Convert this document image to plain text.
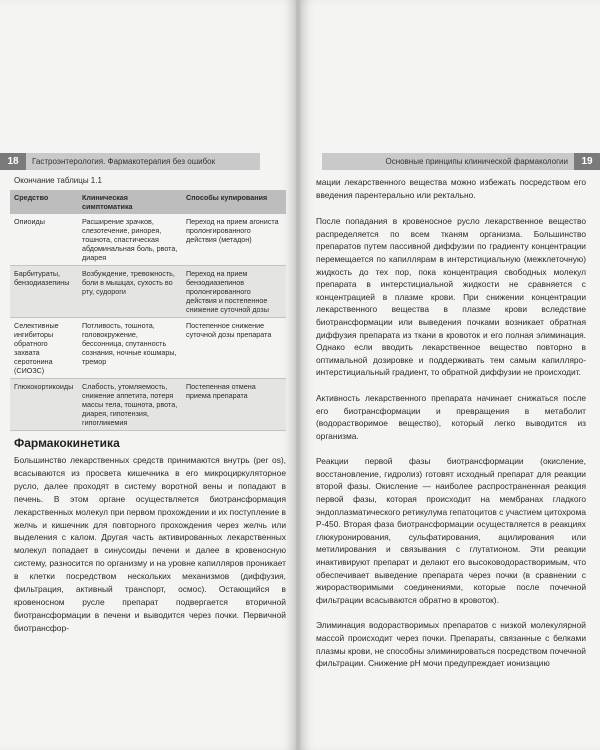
18 Гастроэнтерология. Фармакотерапия без ошибок
Окончание таблицы 1.1
Средство	Клиническая симптоматика	Способы купирования
Опиоиды	Расширение зрачков, слезотечение, ринорея, тошнота, спастическая абдоминальная боль, рвота, диарея	Переход на прием агониста пролонгированного действия (метадон)
Барбитураты, бензодиазепины	Возбуждение, тревожность, боли в мышцах, сухость во рту, судороги	Переход на прием бензодиазепинов пролонгированного действия и постепенное снижение суточной дозы
Селективные ингибиторы обратного захвата серотонина (СИОЗС)	Потливость, тошнота, головокружение, бессонница, спутанность сознания, ночные кошмары, тремор	Постепенное снижение суточной дозы препарата
Глюкокортикоиды	Слабость, утомляемость, снижение аппетита, потеря массы тела, тошнота, рвота, диарея, гипотензия, гипогликемия	Постепенная отмена приема препарата
Фармакокинетика
Большинство лекарственных средств принимаются внутрь (per os), всасываются из просвета кишечника в его микроциркуляторное русло, далее проходят в систему воротной вены и попадают в печень. В этом органе осуществляется биотрансформация лекарственных молекул при первом прохождении и их поступление в желчь и кишечник для повторного прохождения через желчь или выделения с калом. Другая часть активированных лекарственных молекул попадает в синусоиды печени и далее в кровеносную систему, разносится по организму и на уровне капилляров проникает в клетки посредством нескольких механизмов (диффузия, фильтрация, активный транспорт, осмос). Остающийся в кровеносном русле препарат подвергается вторичной биотрансформации в печени и выводится через почки. Первичной биотрансфор-
Основные принципы клинической фармакологии 19

мации лекарственного вещества можно избежать посредством его введения парентерально или ректально.

После попадания в кровеносное русло лекарственное вещество распределяется по всем тканям организма. Большинство препаратов путем пассивной диффузии по градиенту концентрации перемещается по капиллярам в интерстициальную (межклеточную) жидкость до тех пор, пока концентрация свободных молекул препарата в интерстициальной жидкости не сравняется с концентрацией в плазме крови. При снижении концентрации лекарственного вещества в плазме крови вследствие биотрансформации или выведения почками возникает обратная диффузия препарата из ткани в кровоток и его полная элиминация. Однако если вводить лекарственное вещество повторно в оптимальной дозировке и поддерживать тем самым капилляро-интерстициальный градиент, то обратной диффузии не происходит.

Активность лекарственного препарата начинает снижаться после его биотрансформации и превращения в метаболит (водорастворимое вещество), который легко выводится из организма.

Реакции первой фазы биотрансформации (окисление, восстановление, гидролиз) готовят исходный препарат для реакции второй фазы. Окисление — наиболее распространенная реакция первой фазы, которая происходит на мембранах гладкого эндоплазматического ретикулума гепатоцитов с участием цитохрома P-450. Вторая фаза биотрансформации осуществляется в реакциях глюкуронирования, сульфатирования, ацилирования или метилирования и связывания с глутатионом. Эти реакции инактивируют препарат и делают его высоководорастворимым, что обеспечивает выведение препарата через почки (в сравнении с жирорастворимыми соединениями, которые после почечной фильтрации всасываются обратно в кровоток).

Элиминация водорастворимых препаратов с низкой молекулярной массой происходит через почки. Препараты, связанные с белками плазмы крови, не способны элиминироваться посредством почечной фильтрации. Снижение pH мочи предупреждает ионизацию
